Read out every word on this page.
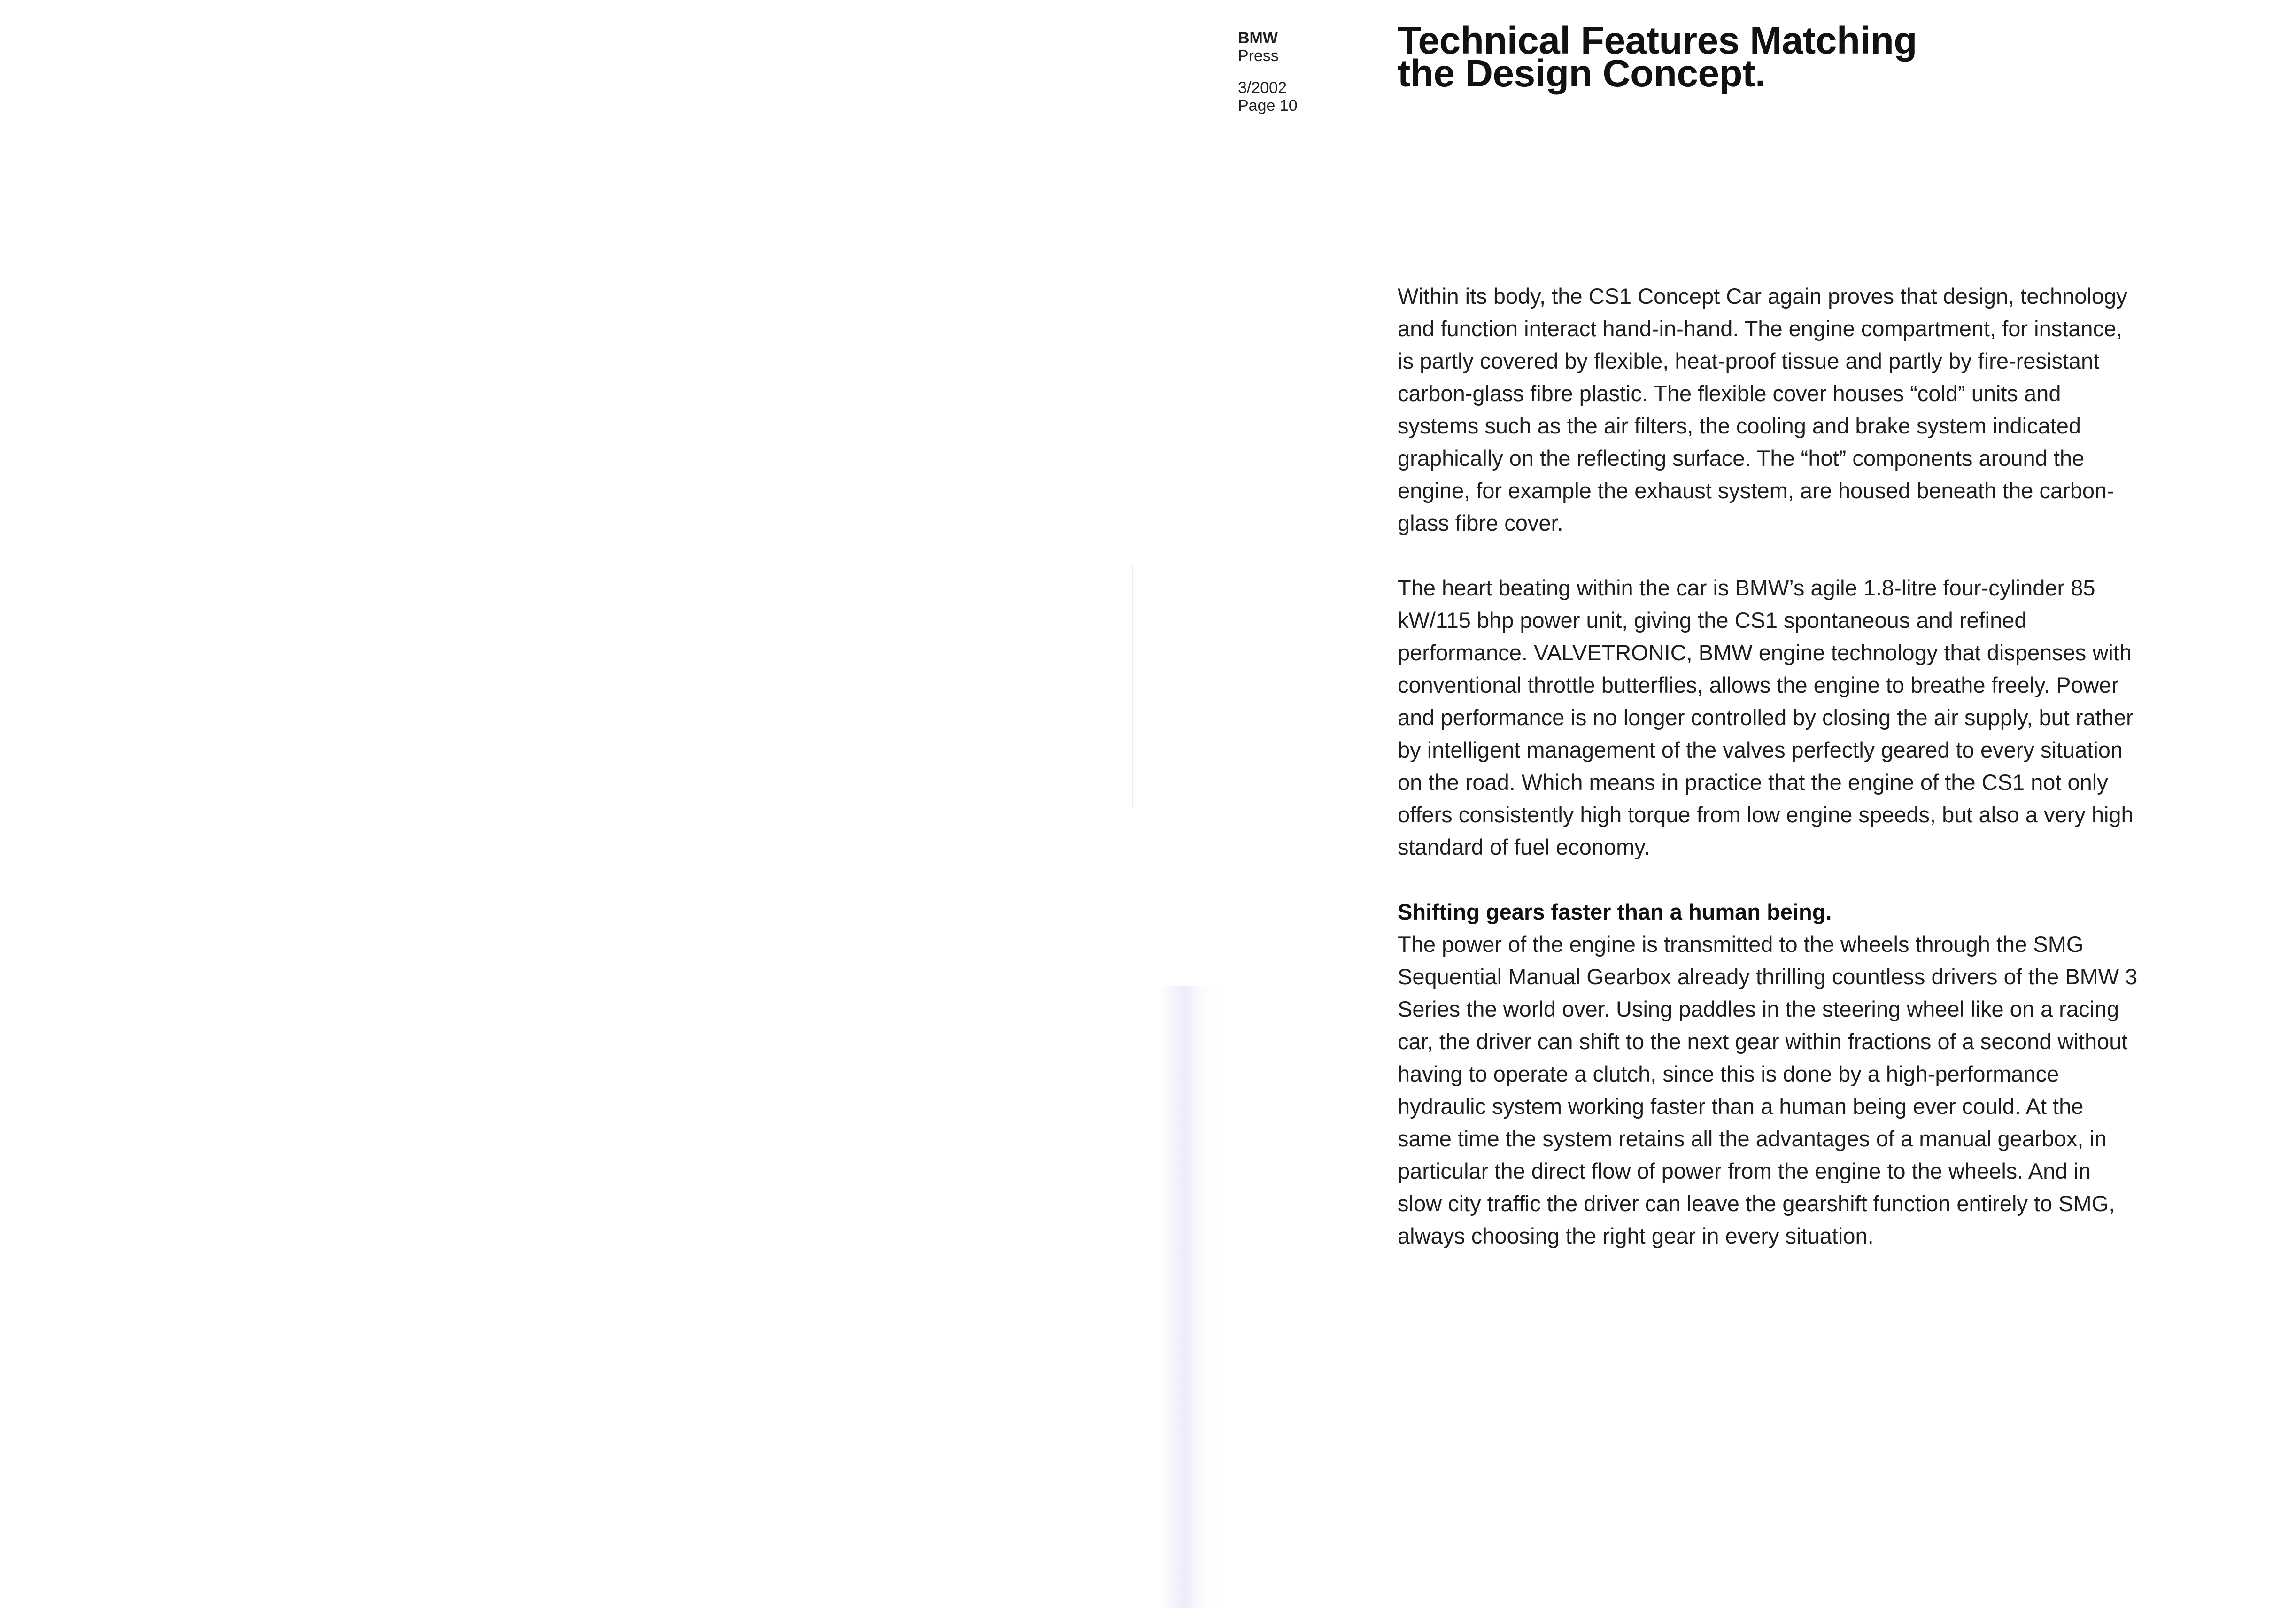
BMW
Press
3/2002
Page 10
Technical Features Matching
the Design Concept.

Within its body, the CS1 Concept Car again proves that design, technology and function interact hand-in-hand. The engine compartment, for instance, is partly covered by flexible, heat-proof tissue and partly by fire-resistant carbon-glass fibre plastic. The flexible cover houses “cold” units and systems such as the air filters, the cooling and brake system indicated graphically on the reflecting surface. The “hot” components around the engine, for example the exhaust system, are housed beneath the carbon-glass fibre cover.

The heart beating within the car is BMW’s agile 1.8-litre four-cylinder 85 kW/115 bhp power unit, giving the CS1 spontaneous and refined performance. VALVETRONIC, BMW engine technology that dispenses with conventional throttle butterflies, allows the engine to breathe freely. Power and performance is no longer controlled by closing the air supply, but rather by intelligent management of the valves perfectly geared to every situation on the road. Which means in practice that the engine of the CS1 not only offers consistently high torque from low engine speeds, but also a very high standard of fuel economy.

Shifting gears faster than a human being.

The power of the engine is transmitted to the wheels through the SMG Sequential Manual Gearbox already thrilling countless drivers of the BMW 3 Series the world over. Using paddles in the steering wheel like on a racing car, the driver can shift to the next gear within fractions of a second without having to operate a clutch, since this is done by a high-performance hydraulic system working faster than a human being ever could. At the same time the system retains all the advantages of a manual gearbox, in particular the direct flow of power from the engine to the wheels. And in slow city traffic the driver can leave the gearshift function entirely to SMG, always choosing the right gear in every situation.
